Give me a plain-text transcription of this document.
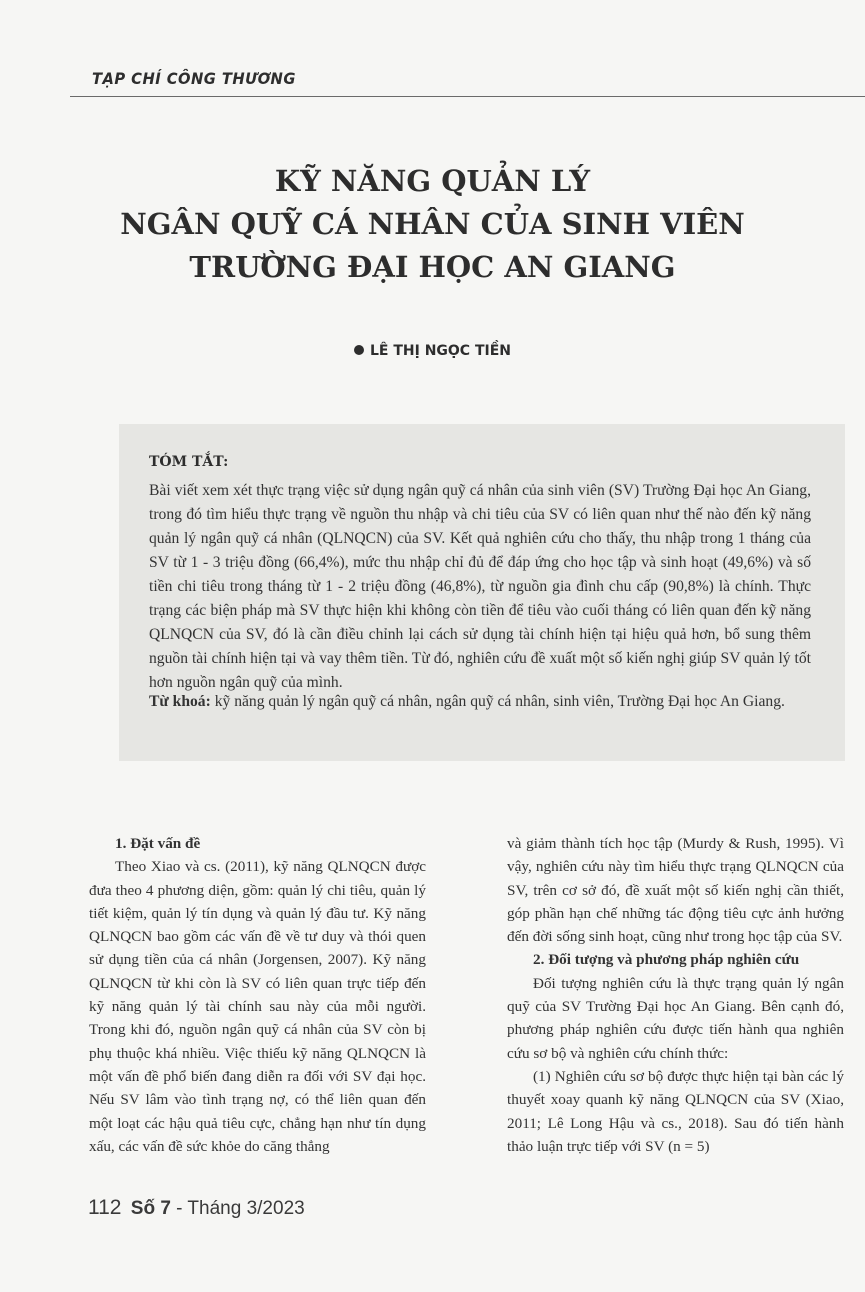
TẠP CHÍ CÔNG THƯƠNG
KỸ NĂNG QUẢN LÝ
NGÂN QUỸ CÁ NHÂN CỦA SINH VIÊN
TRƯỜNG ĐẠI HỌC AN GIANG
LÊ THỊ NGỌC TIỀN
TÓM TẮT:

Bài viết xem xét thực trạng việc sử dụng ngân quỹ cá nhân của sinh viên (SV) Trường Đại học An Giang, trong đó tìm hiểu thực trạng về nguồn thu nhập và chi tiêu của SV có liên quan như thế nào đến kỹ năng quản lý ngân quỹ cá nhân (QLNQCN) của SV. Kết quả nghiên cứu cho thấy, thu nhập trong 1 tháng của SV từ 1 - 3 triệu đồng (66,4%), mức thu nhập chỉ đủ để đáp ứng cho học tập và sinh hoạt (49,6%) và số tiền chi tiêu trong tháng từ 1 - 2 triệu đồng (46,8%), từ nguồn gia đình chu cấp (90,8%) là chính. Thực trạng các biện pháp mà SV thực hiện khi không còn tiền để tiêu vào cuối tháng có liên quan đến kỹ năng QLNQCN của SV, đó là cần điều chỉnh lại cách sử dụng tài chính hiện tại hiệu quả hơn, bổ sung thêm nguồn tài chính hiện tại và vay thêm tiền. Từ đó, nghiên cứu đề xuất một số kiến nghị giúp SV quản lý tốt hơn nguồn ngân quỹ của mình.

Từ khoá: kỹ năng quản lý ngân quỹ cá nhân, ngân quỹ cá nhân, sinh viên, Trường Đại học An Giang.

1. Đặt vấn đề

Theo Xiao và cs. (2011), kỹ năng QLNQCN được đưa theo 4 phương diện, gồm: quản lý chi tiêu, quản lý tiết kiệm, quản lý tín dụng và quản lý đầu tư. Kỹ năng QLNQCN bao gồm các vấn đề về tư duy và thói quen sử dụng tiền của cá nhân (Jorgensen, 2007). Kỹ năng QLNQCN từ khi còn là SV có liên quan trực tiếp đến kỹ năng quản lý tài chính sau này của mỗi người. Trong khi đó, nguồn ngân quỹ cá nhân của SV còn bị phụ thuộc khá nhiều. Việc thiếu kỹ năng QLNQCN là một vấn đề phổ biến đang diễn ra đối với SV đại học. Nếu SV lâm vào tình trạng nợ, có thể liên quan đến một loạt các hậu quả tiêu cực, chẳng hạn như tín dụng xấu, các vấn đề sức khỏe do căng thẳng

và giảm thành tích học tập (Murdy & Rush, 1995). Vì vậy, nghiên cứu này tìm hiểu thực trạng QLNQCN của SV, trên cơ sở đó, đề xuất một số kiến nghị cần thiết, góp phần hạn chế những tác động tiêu cực ảnh hưởng đến đời sống sinh hoạt, cũng như trong học tập của SV.

2. Đối tượng và phương pháp nghiên cứu

Đối tượng nghiên cứu là thực trạng quản lý ngân quỹ của SV Trường Đại học An Giang. Bên cạnh đó, phương pháp nghiên cứu được tiến hành qua nghiên cứu sơ bộ và nghiên cứu chính thức:

(1) Nghiên cứu sơ bộ được thực hiện tại bàn các lý thuyết xoay quanh kỹ năng QLNQCN của SV (Xiao, 2011; Lê Long Hậu và cs., 2018). Sau đó tiến hành thảo luận trực tiếp với SV (n = 5)

112 Số 7 - Tháng 3/2023
